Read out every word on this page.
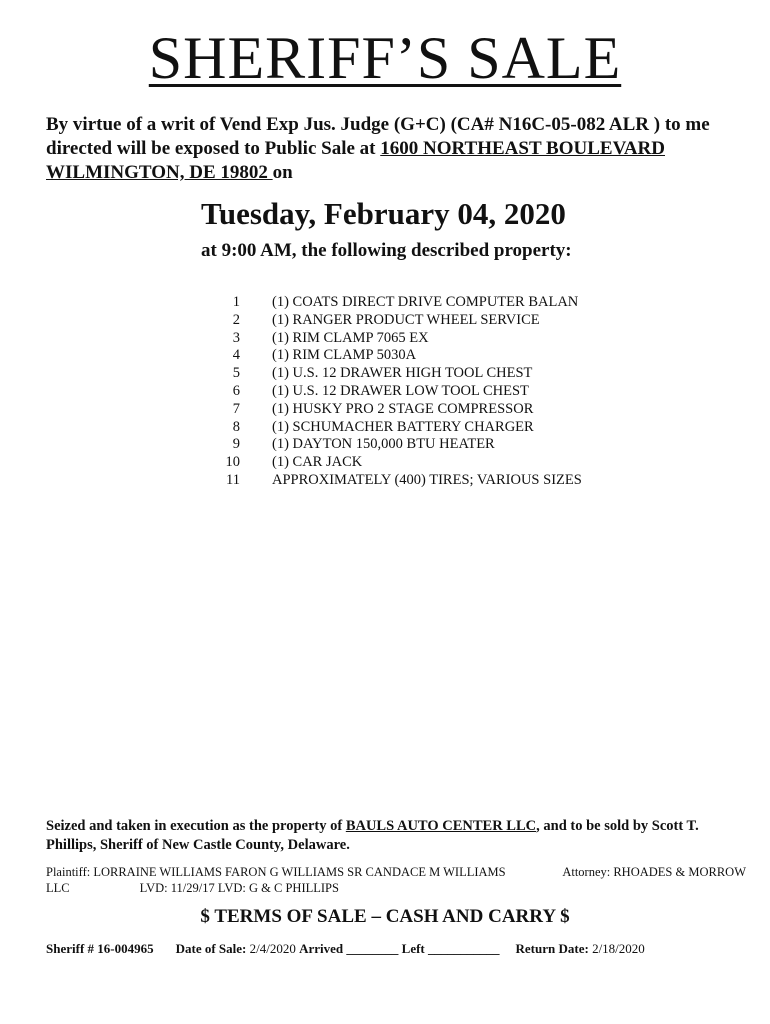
SHERIFF’S SALE
By virtue of a writ of Vend Exp Jus. Judge (G+C) (CA# N16C-05-082 ALR ) to me directed will be exposed to Public Sale at 1600 NORTHEAST BOULEVARD WILMINGTON, DE 19802 on
Tuesday, February 04, 2020
at 9:00 AM, the following described property:
1 (1) COATS DIRECT DRIVE COMPUTER BALAN
2 (1) RANGER PRODUCT WHEEL SERVICE
3 (1) RIM CLAMP 7065 EX
4 (1) RIM CLAMP 5030A
5 (1) U.S. 12 DRAWER HIGH TOOL CHEST
6 (1) U.S. 12 DRAWER LOW TOOL CHEST
7 (1) HUSKY PRO 2 STAGE COMPRESSOR
8 (1) SCHUMACHER BATTERY CHARGER
9 (1) DAYTON 150,000 BTU HEATER
10 (1) CAR JACK
11 APPROXIMATELY (400) TIRES; VARIOUS SIZES
Seized and taken in execution as the property of BAULS AUTO CENTER LLC, and to be sold by Scott T. Phillips, Sheriff of New Castle County, Delaware.
Plaintiff: LORRAINE WILLIAMS FARON G WILLIAMS SR CANDACE M WILLIAMS	Attorney: RHOADES & MORROW
LLC	LVD: 11/29/17 LVD: G & C PHILLIPS
$ TERMS OF SALE – CASH AND CARRY $
Sheriff # 16-004965 Date of Sale: 2/4/2020 Arrived ________ Left ___________ Return Date: 2/18/2020
